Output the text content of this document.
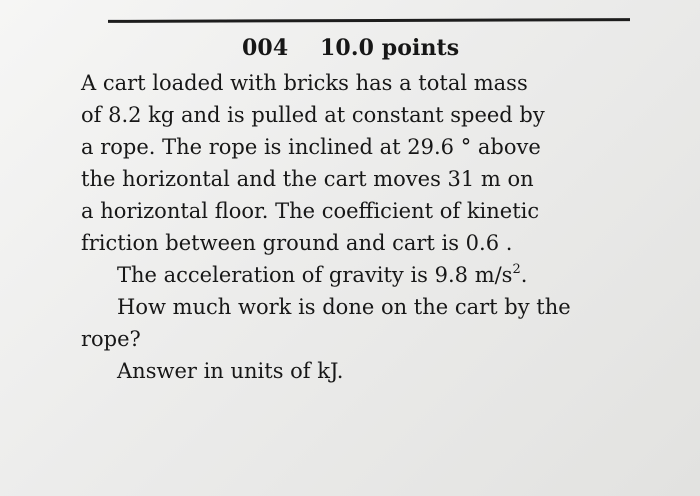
004 10.0 points
A cart loaded with bricks has a total mass
of 8.2 kg and is pulled at constant speed by
a rope. The rope is inclined at 29.6 ° above
the horizontal and the cart moves 31 m on
a horizontal floor. The coefficient of kinetic
friction between ground and cart is 0.6 .
The acceleration of gravity is 9.8 $m/s^2$.
How much work is done on the cart by the
rope?
Answer in units of kJ.
